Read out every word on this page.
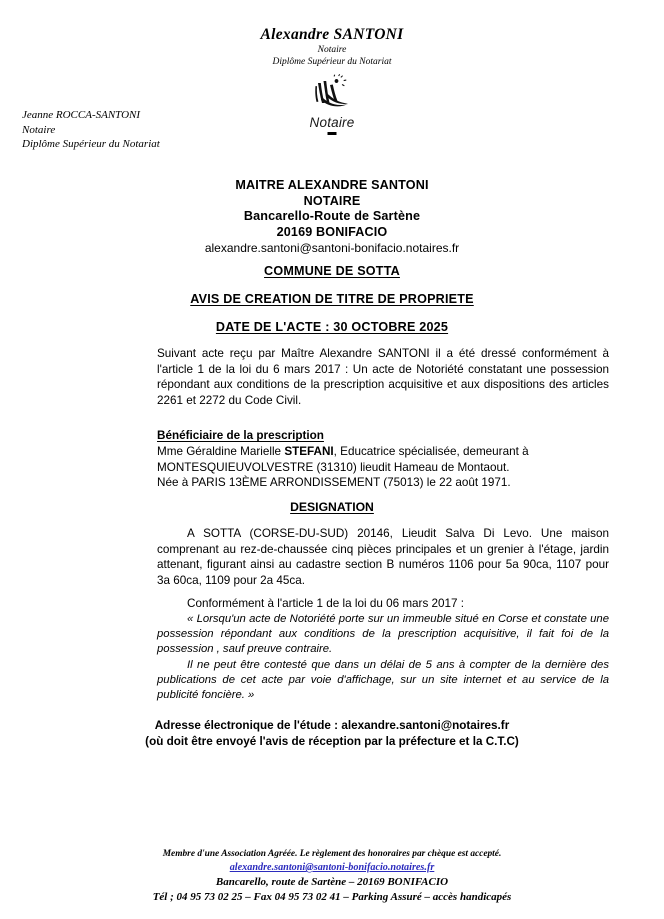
Alexandre SANTONI
Notaire
Diplôme Supérieur du Notariat
Notaire
Jeanne ROCCA-SANTONI
Notaire
Diplôme Supérieur du Notariat
MAITRE ALEXANDRE SANTONI
NOTAIRE
Bancarello-Route de Sartène
20169 BONIFACIO
alexandre.santoni@santoni-bonifacio.notaires.fr
COMMUNE DE SOTTA
AVIS DE CREATION DE TITRE DE PROPRIETE
DATE DE L'ACTE : 30 OCTOBRE 2025

Suivant acte reçu par Maître Alexandre SANTONI il a été dressé conformément à l'article 1 de la loi du 6 mars 2017 : Un acte de Notoriété constatant une possession répondant aux conditions de la prescription acquisitive et aux dispositions des articles 2261 et 2272 du Code Civil.

Bénéficiaire de la prescription
Mme Géraldine Marielle STEFANI, Educatrice spécialisée, demeurant à
MONTESQUIEUVOLVESTRE (31310) lieudit Hameau de Montaout.
Née à PARIS 13ÈME ARRONDISSEMENT (75013) le 22 août 1971.
DESIGNATION

A SOTTA (CORSE-DU-SUD) 20146, Lieudit Salva Di Levo. Une maison comprenant au rez-de-chaussée cinq pièces principales et un grenier à l'étage, jardin attenant, figurant ainsi au cadastre section B numéros 1106 pour 5a 90ca, 1107 pour 3a 60ca, 1109 pour 2a 45ca.

Conformément à l'article 1 de la loi du 06 mars 2017 :
« Lorsqu'un acte de Notoriété porte sur un immeuble situé en Corse et constate une possession répondant aux conditions de la prescription acquisitive, il fait foi de la possession , sauf preuve contraire.
Il ne peut être contesté que dans un délai de 5 ans à compter de la dernière des publications de cet acte par voie d'affichage, sur un site internet et au service de la publicité foncière. »
Adresse électronique de l'étude : alexandre.santoni@notaires.fr
(où doit être envoyé l'avis de réception par la préfecture et la C.T.C)
Membre d'une Association Agréée. Le règlement des honoraires par chèque est accepté.
alexandre.santoni@santoni-bonifacio.notaires.fr
Bancarello, route de Sartène – 20169 BONIFACIO
Tél ; 04 95 73 02 25 – Fax 04 95 73 02 41 – Parking Assuré – accès handicapés
